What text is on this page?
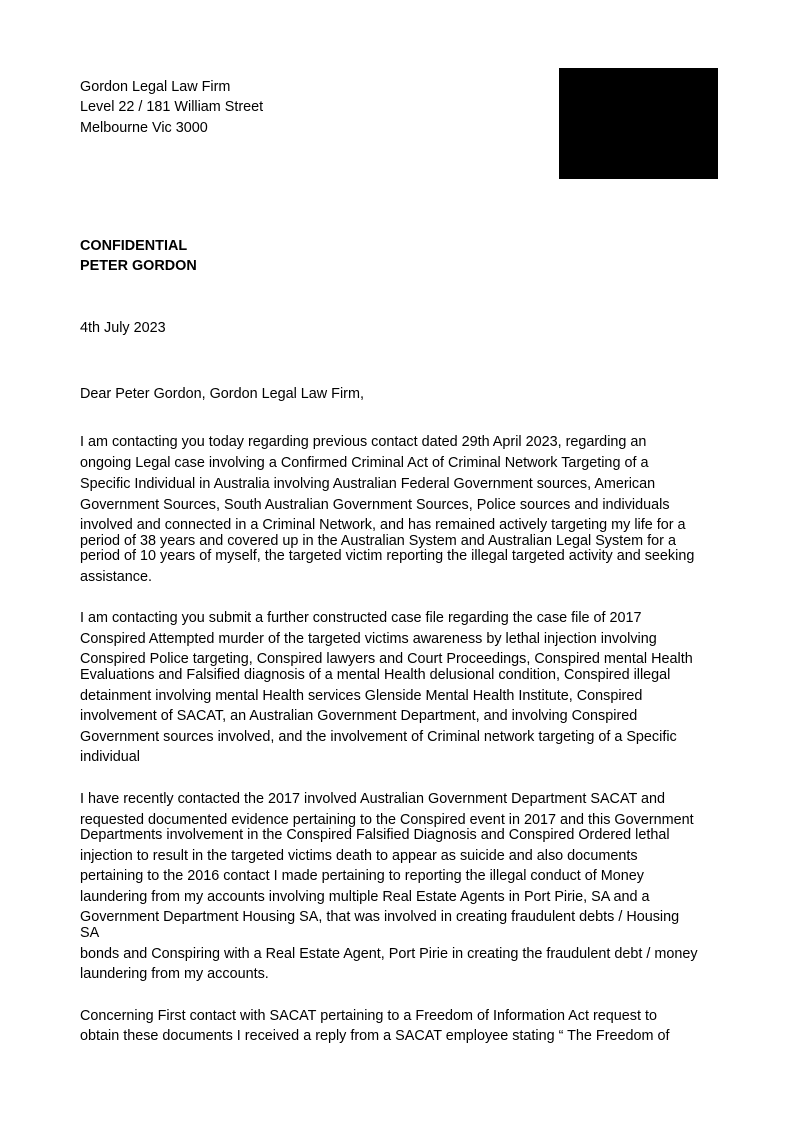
Gordon Legal Law Firm
Level 22 / 181 William Street
Melbourne Vic 3000
CONFIDENTIAL
PETER GORDON
4th July 2023
Dear Peter Gordon, Gordon Legal Law Firm,
I am contacting you today regarding previous contact dated 29th April 2023, regarding an
ongoing Legal case involving a Confirmed Criminal Act of Criminal Network Targeting of a
Specific Individual in Australia involving Australian Federal Government sources, American
Government Sources, South Australian Government Sources, Police sources and individuals
involved and connected in a Criminal Network, and has remained actively targeting my life for a
period of 38 years and covered up in the Australian System and Australian Legal System for a
period of 10 years of myself, the targeted victim reporting the illegal targeted activity and seeking
assistance.
I am contacting you submit a further constructed case file regarding the case file of 2017
Conspired Attempted murder of the targeted victims awareness by lethal injection involving
Conspired Police targeting, Conspired lawyers and Court Proceedings, Conspired mental Health
Evaluations and Falsified diagnosis of a mental Health delusional condition, Conspired illegal
detainment involving mental Health services Glenside Mental Health Institute, Conspired
involvement of SACAT, an Australian Government Department, and involving Conspired
Government sources involved, and the involvement of Criminal network targeting of a Specific
individual
I have recently contacted the 2017 involved Australian Government Department SACAT and
requested documented evidence pertaining to the Conspired event in 2017 and this Government
Departments involvement in the Conspired Falsified Diagnosis and Conspired Ordered lethal
injection to result in the targeted victims death to appear as suicide and also documents
pertaining to the 2016 contact I made pertaining to reporting the illegal conduct of Money
laundering from my accounts involving multiple Real Estate Agents in Port Pirie, SA and a
Government Department Housing SA, that was involved in creating fraudulent debts / Housing
SA
bonds and Conspiring with a Real Estate Agent, Port Pirie in creating the fraudulent debt / money
laundering from my accounts.
Concerning First contact with SACAT pertaining to a Freedom of Information Act request to
obtain these documents I received a reply from a SACAT employee stating “ The Freedom of
